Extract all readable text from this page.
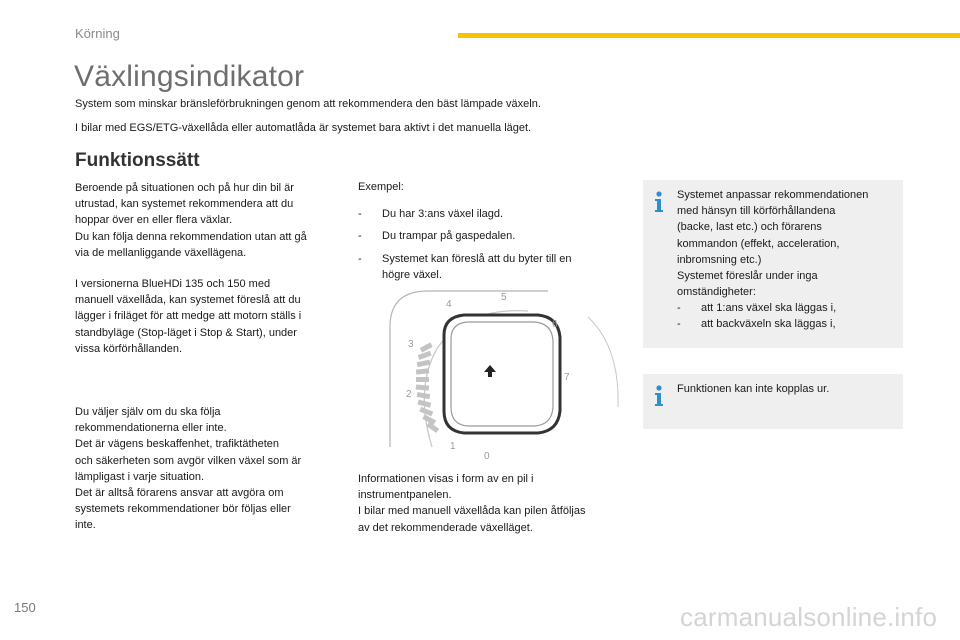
Körning
Växlingsindikator
System som minskar bränsleförbrukningen genom att rekommendera den bäst lämpade växeln.
I bilar med EGS/ETG-växellåda eller automatlåda är systemet bara aktivt i det manuella läget.
Funktionssätt
Beroende på situationen och på hur din bil är
utrustad, kan systemet rekommendera att du
hoppar över en eller flera växlar.
Du kan följa denna rekommendation utan att gå
via de mellanliggande växellägena.
I versionerna BlueHDi 135 och 150 med
manuell växellåda, kan systemet föreslå att du
lägger i friläget för att medge att motorn ställs i
standbyläge (Stop-läget i Stop & Start), under
vissa körförhållanden.
Du väljer själv om du ska följa
rekommendationerna eller inte.
Det är vägens beskaffenhet, trafiktätheten
och säkerheten som avgör vilken växel som är
lämpligast i varje situation.
Det är alltså förarens ansvar att avgöra om
systemets rekommendationer bör följas eller
inte.
Exempel:
- Du har 3:ans växel ilagd.
- Du trampar på gaspedalen.
- Systemet kan föreslå att du byter till en
högre växel.
0
1
2
3
4
5
6
7
Informationen visas i form av en pil i
instrumentpanelen.
I bilar med manuell växellåda kan pilen åtföljas
av det rekommenderade växelläget.
Systemet anpassar rekommendationen
med hänsyn till körförhållandena
(backe, last etc.) och förarens
kommandon (effekt, acceleration,
inbromsning etc.)
Systemet föreslår under inga
omständigheter:
- att 1:ans växel ska läggas i,
- att backväxeln ska läggas i,
Funktionen kan inte kopplas ur.
150	carmanualsonline.info
